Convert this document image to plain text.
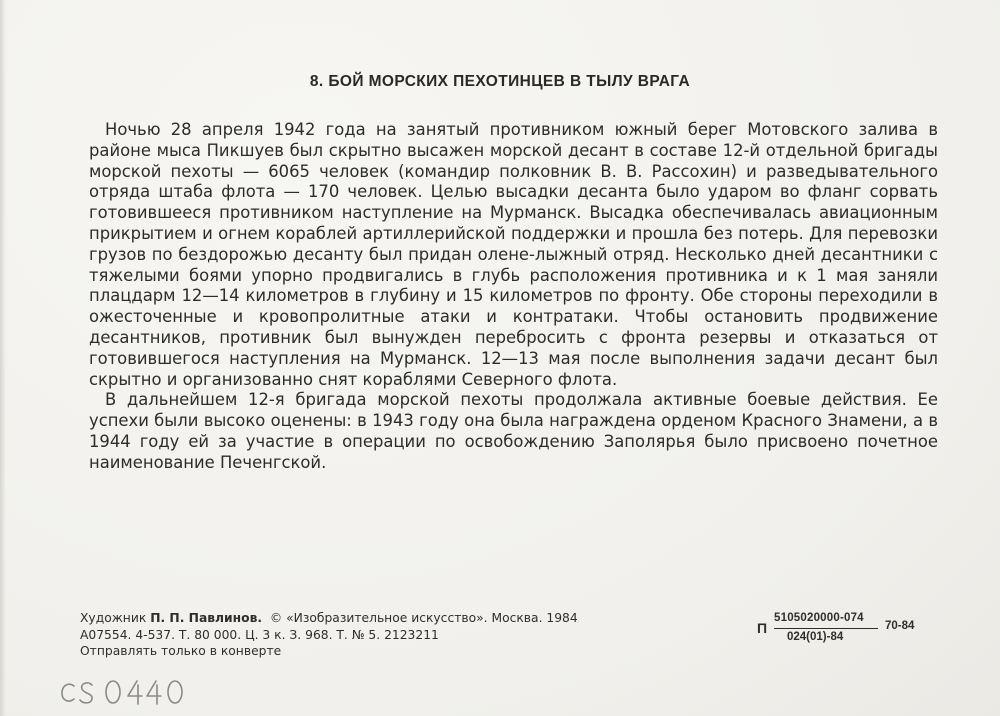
8. БОЙ МОРСКИХ ПЕХОТИНЦЕВ В ТЫЛУ ВРАГА

Ночью 28 апреля 1942 года на занятый противником южный берег Мотовского залива в районе мыса Пикшуев был скрытно высажен морской десант в составе 12-й отдельной бригады морской пехоты — 6065 человек (командир полковник В. В. Рассохин) и разведывательного отряда штаба флота — 170 человек. Целью высадки десанта было ударом во фланг сорвать готовившееся противником наступление на Мурманск. Высадка обеспечивалась авиационным прикрытием и огнем кораблей артиллерийской поддержки и прошла без потерь. Для перевозки грузов по бездорожью десанту был придан олене-лыжный отряд. Несколько дней десантники с тяжелыми боями упорно продвигались в глубь расположения противника и к 1 мая заняли плацдарм 12—14 километров в глубину и 15 километров по фронту. Обе стороны переходили в ожесточенные и кровопролитные атаки и контратаки. Чтобы остановить продвижение десантников, противник был вынужден перебросить с фронта резервы и отказаться от готовившегося наступления на Мурманск. 12—13 мая после выполнения задачи десант был скрытно и организованно снят кораблями Северного флота.

В дальнейшем 12-я бригада морской пехоты продолжала активные боевые действия. Ее успехи были высоко оценены: в 1943 году она была награждена орденом Красного Знамени, а в 1944 году ей за участие в операции по освобождению Заполярья было присвоено почетное наименование Печенгской.

Художник П. П. Павлинов. © «Изобразительное искусство». Москва. 1984
А07554. 4-537. Т. 80 000. Ц. 3 к. З. 968. Т. № 5. 2123211
Отправлять только в конверте
П
5105020000-074
024(01)-84
70-84
